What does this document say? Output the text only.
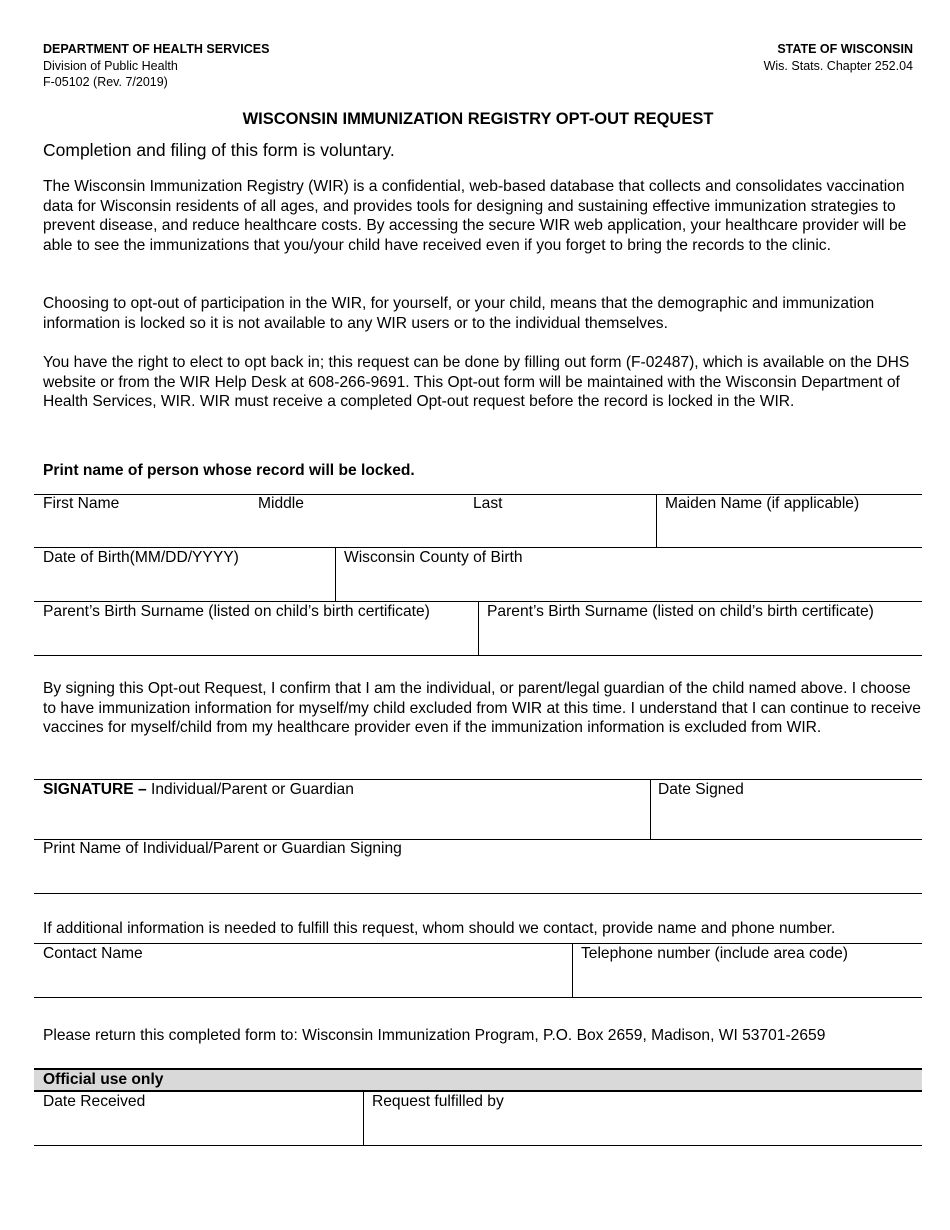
DEPARTMENT OF HEALTH SERVICES
Division of Public Health
F-05102 (Rev. 7/2019)
STATE OF WISCONSIN
Wis. Stats. Chapter 252.04
WISCONSIN IMMUNIZATION REGISTRY OPT-OUT REQUEST
Completion and filing of this form is voluntary.

The Wisconsin Immunization Registry (WIR) is a confidential, web-based database that collects and consolidates vaccination data for Wisconsin residents of all ages, and provides tools for designing and sustaining effective immunization strategies to prevent disease, and reduce healthcare costs. By accessing the secure WIR web application, your healthcare provider will be able to see the immunizations that you/your child have received even if you forget to bring the records to the clinic.

Choosing to opt-out of participation in the WIR, for yourself, or your child, means that the demographic and immunization information is locked so it is not available to any WIR users or to the individual themselves.

You have the right to elect to opt back in; this request can be done by filling out form (F-02487), which is available on the DHS website or from the WIR Help Desk at 608-266-9691. This Opt-out form will be maintained with the Wisconsin Department of Health Services, WIR. WIR must receive a completed Opt-out request before the record is locked in the WIR.

Print name of person whose record will be locked.
First Name	Middle	Last	Maiden Name (if applicable)
Date of Birth(MM/DD/YYYY)	Wisconsin County of Birth
Parent’s Birth Surname (listed on child’s birth certificate)	Parent’s Birth Surname (listed on child’s birth certificate)

By signing this Opt-out Request, I confirm that I am the individual, or parent/legal guardian of the child named above. I choose to have immunization information for myself/my child excluded from WIR at this time. I understand that I can continue to receive vaccines for myself/child from my healthcare provider even if the immunization information is excluded from WIR.

SIGNATURE – Individual/Parent or Guardian	Date Signed
Print Name of Individual/Parent or Guardian Signing
If additional information is needed to fulfill this request, whom should we contact, provide name and phone number.
Contact Name	Telephone number (include area code)
Please return this completed form to: Wisconsin Immunization Program, P.O. Box 2659, Madison, WI 53701-2659
Official use only
Date Received	Request fulfilled by
